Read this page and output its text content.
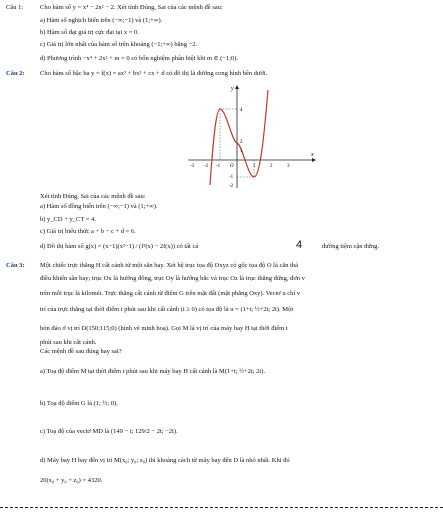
Câu 1:	Cho hàm số y = x⁴ − 2x² − 2. Xét tính Đúng, Sai của các mệnh đề sau:
a) Hàm số nghịch biến trên (−∞;−1) và (1;+∞).
b) Hàm số đạt giá trị cực đại tại x = 0.
c) Giá trị lớn nhất của hàm số trên khoảng (−1;+∞) bằng −2.
d) Phương trình −x⁴ + 2x² + m = 0 có bốn nghiệm phân biệt khi m ∈ (−1;0).
Câu 2: Cho hàm số bậc ba y = f(x) = ax³ + bx² + cx + d có đồ thị là đường cong hình bên dưới.
y
x
4
2
1
-1
-2
-3 -2 -1 O	1	2	3
Xét tính Đúng, Sai của các mệnh đề sau:
a) Hàm số đồng biến trên (−∞;−1) và (1;+∞).
b) y_CD + y_CT = 4.
c) Giá trị biểu thức a + b − c + d = 6.
d) Đồ thị hàm số g(x) = (x−1)(x²−1) / (f²(x) − 2f(x)) có tất cả	4	đường tiệm cận đứng.
Câu 3: Một chiếc trực thăng H cất cánh từ một sân bay. Xét hệ trục tọa độ Oxyz có gốc tọa độ O là căn thả
điều khiển sân bay; trục Ox là hướng đông, trục Oy là hướng bắc và trục Oz là trục thẳng đứng, đơn v
trên mỗi trục là kilomét. Trực thăng cất cánh từ điểm G trên mặt đất (mặt phẳng Oxy). Vectơ u chỉ v
trí của trực thăng tại thời điểm t phút sau khi cất cánh (t ≥ 0) có tọa độ là u = (1+t; ½+2t; 2t). Một
hòn đảo ở vị trí D(150;115;0) (hình vẽ minh hoạ). Gọi M là vị trí của máy bay H tại thời điểm t
phút sau khi cất cánh.
Các mệnh đề sau đúng hay sai?
a) Toạ độ điểm M tại thời điểm t phút sau khi máy bay H cất cánh là M(1+t; ½+2t; 2t).
b) Toạ độ điểm G là (1; ½; 0).
c) Toạ độ của vectơ MD là (149 − t; 129/2 − 2t; −2t).
d) Máy bay H bay đến vị trí M(x₀; y₀; z₀) thì khoảng cách từ máy bay đến D là nhỏ nhất. Khi đó
20(x₀ + y₀ + z₀) = 4320.
